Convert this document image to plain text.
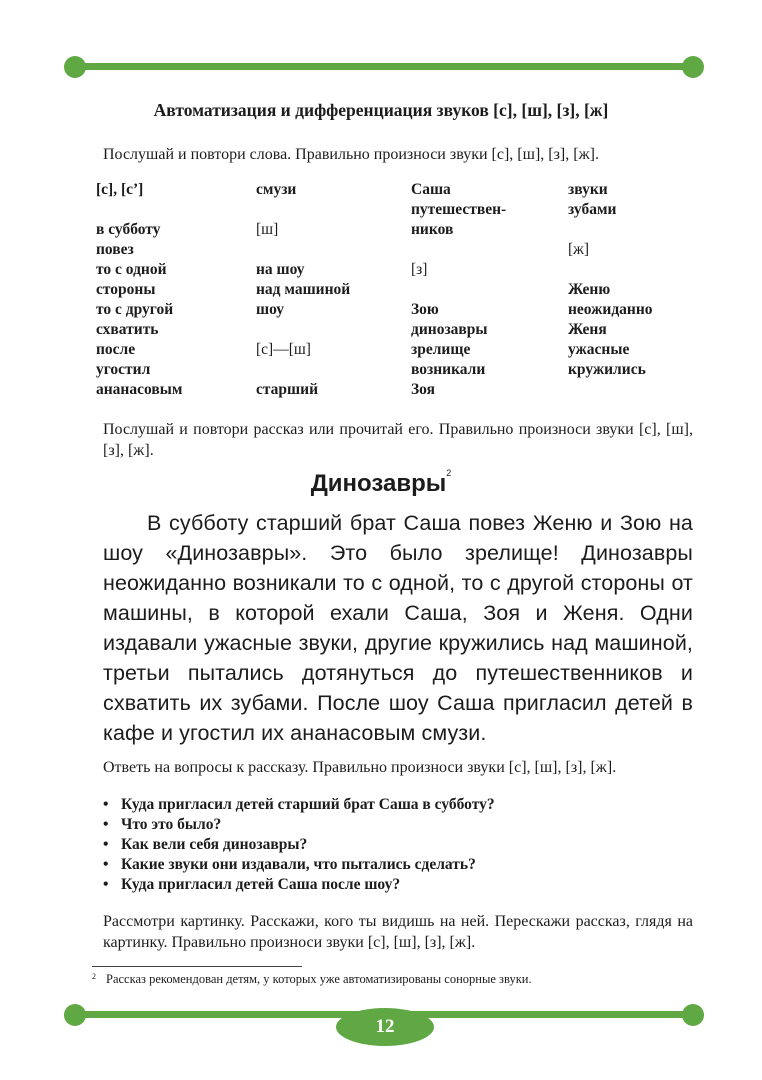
Автоматизация и дифференциация звуков [с], [ш], [з], [ж]
Послушай и повтори слова. Правильно произноси звуки [с], [ш], [з], [ж].
[с], [с’]
в субботу
повез
то с одной
стороны
то с другой
схватить
после
угостил
ананасовым
смузи
[ш]
на шоу
над машиной
шоу
[с]—[ш]
старший
Саша
путешествен-
ников
[з]
Зою
динозавры
зрелище
возникали
Зоя
звуки
зубами
[ж]
Женю
неожиданно
Женя
ужасные
кружились
Послушай и повтори рассказ или прочитай его. Правильно произноси звуки [с], [ш], [з], [ж].
Динозавры$^2$
В субботу старший брат Саша повез Женю и Зою на шоу «Динозавры». Это было зрелище! Динозавры неожиданно возникали то с одной, то с другой стороны от машины, в которой ехали Саша, Зоя и Женя. Одни издавали ужасные звуки, другие кружились над машиной, третьи пытались дотянуться до путешественников и схватить их зубами. После шоу Саша пригласил детей в кафе и угостил их ананасовым смузи.
Ответь на вопросы к рассказу. Правильно произноси звуки [с], [ш], [з], [ж].
• Куда пригласил детей старший брат Саша в субботу?
• Что это было?
• Как вели себя динозавры?
• Какие звуки они издавали, что пытались сделать?
• Куда пригласил детей Саша после шоу?
Рассмотри картинку. Расскажи, кого ты видишь на ней. Перескажи рассказ, глядя на картинку. Правильно произноси звуки [с], [ш], [з], [ж].
$^2$ Рассказ рекомендован детям, у которых уже автоматизированы сонорные звуки.
12
